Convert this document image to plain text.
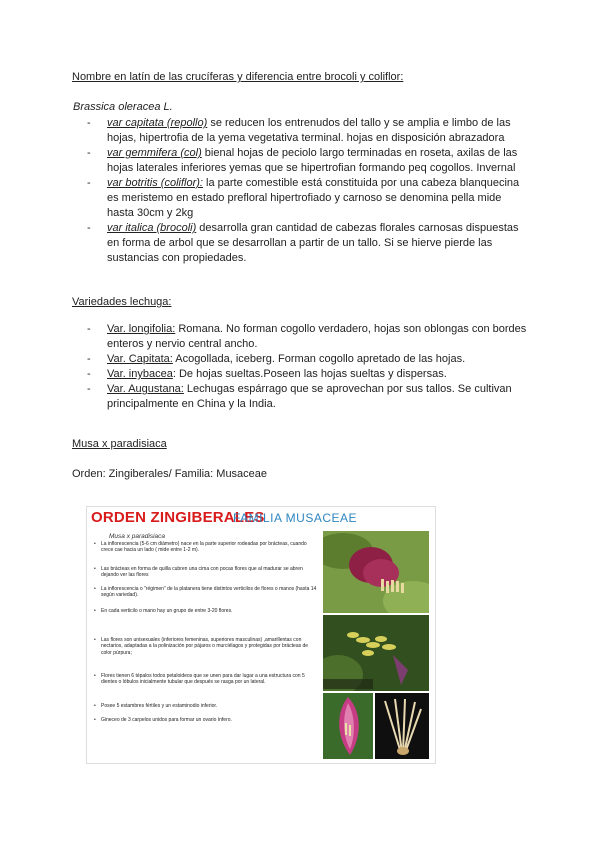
Nombre en latín de las crucíferas y diferencia entre brocoli y coliflor:
Brassica oleracea L.
- var capitata (repollo) se reducen los entrenudos del tallo y se amplia e limbo de las hojas, hipertrofia de la yema vegetativa terminal. hojas en disposición abrazadora
- var gemmifera (col) bienal hojas de peciolo largo terminadas en roseta, axilas de las hojas laterales inferiores yemas que se hipertrofian formando peq cogollos. Invernal
- var botritis (coliflor): la parte comestible está constituida por una cabeza blanquecina es meristemo en estado prefloral hipertrofiado y carnoso se denomina pella mide hasta 30cm y 2kg
- var italica (brocoli) desarrolla gran cantidad de cabezas florales carnosas dispuestas en forma de arbol que se desarrollan a partir de un tallo. Si se hierve pierde las sustancias con propiedades.
Variedades lechuga:
- Var. longifolia: Romana. No forman cogollo verdadero, hojas son oblongas con bordes enteros y nervio central ancho.
- Var. Capitata: Acogollada, iceberg. Forman cogollo apretado de las hojas.
- Var. inybacea: De hojas sueltas.Poseen las hojas sueltas y dispersas.
- Var. Augustana: Lechugas espárrago que se aprovechan por sus tallos. Se cultivan principalmente en China y la India.
Musa x paradisiaca
Orden: Zingiberales/ Familia: Musaceae
ORDEN ZINGIBERALES
FAMILIA MUSACEAE
Musa x paradisiaca
• La inflorescencia (5-6 cm diámetro) nace en la parte superior rodeadas por brácteas, cuando crece cae hacia un lado ( mide entre 1-2 m).
• Las brácteas en forma de quilla cubren una cima con pocas flores que al madurar se abren dejando ver las flores
• La inflorescencia o "régimen" de la platanera tiene distintos verticilos de flores o manos (hasta 14 según variedad).
• En cada verticilo o mano hay un grupo de entre 3-20 flores.
• Las flores son unisexuales (inferiores femeninas, superiores masculinas) ,amarillentas con nectarios, adaptadas a la polinización por pájaros o murciélagos y protegidas por brácteas de color púrpura;
• Flores tienen 6 tépalos todos petaloideos que se unen para dar lugar a una estructura con 5 dientes o lóbulos inicialmente tubular que después se rasga por un lateral.
• Posee 5 estambres fértiles y un estaminodio inferior.
• Gineceo de 3 carpelos unidos para formar un ovario ínfero.
